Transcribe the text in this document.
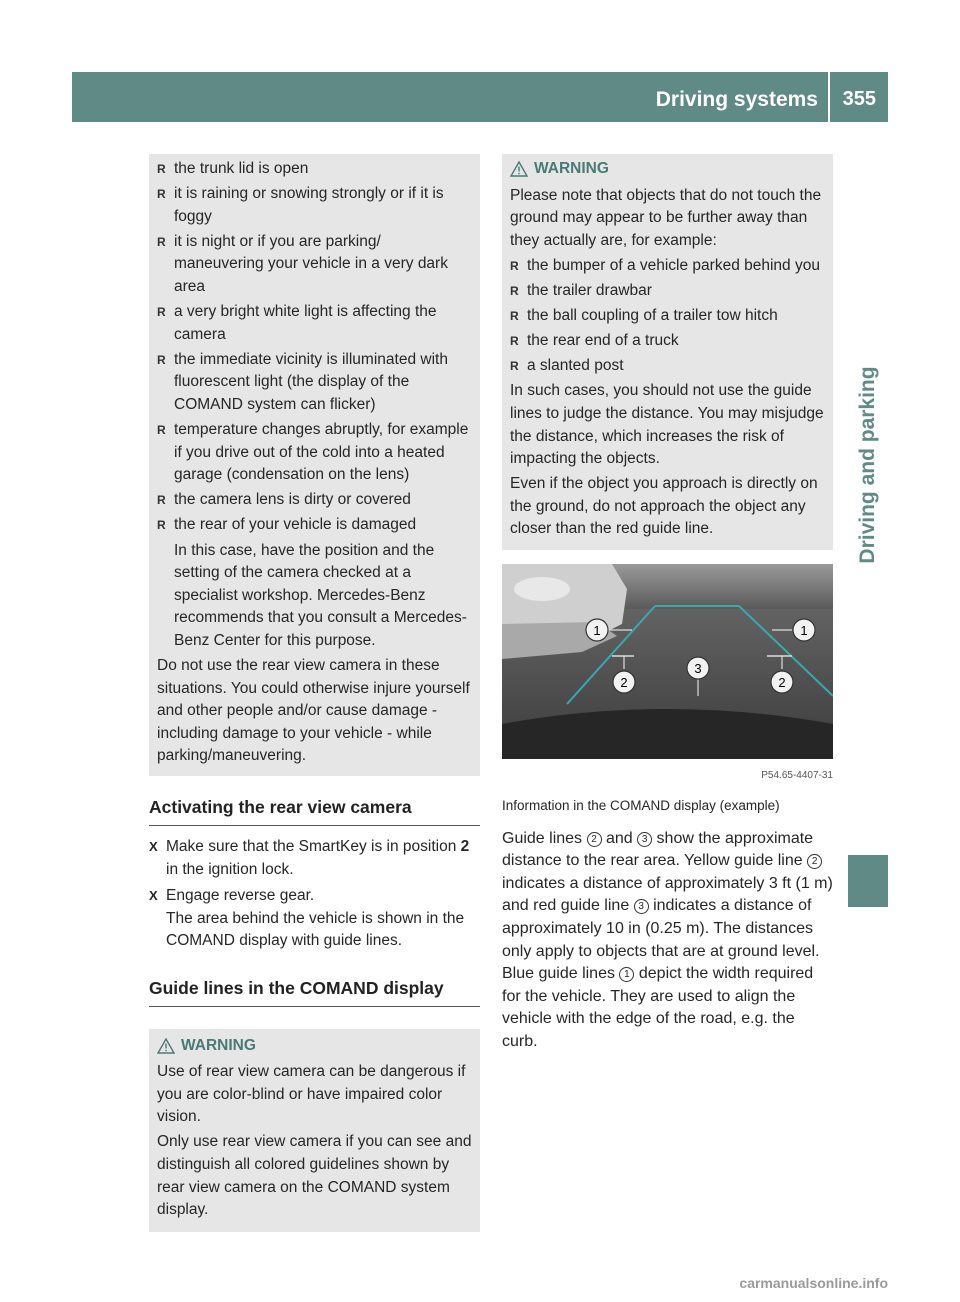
Driving systems 355
Driving and parking
R the trunk lid is open
R it is raining or snowing strongly or if it is foggy
R it is night or if you are parking/ maneuvering your vehicle in a very dark area
R a very bright white light is affecting the camera
R the immediate vicinity is illuminated with fluorescent light (the display of the COMAND system can flicker)
R temperature changes abruptly, for example if you drive out of the cold into a heated garage (condensation on the lens)
R the camera lens is dirty or covered
R the rear of your vehicle is damaged
In this case, have the position and the setting of the camera checked at a specialist workshop. Mercedes-Benz recommends that you consult a Mercedes-Benz Center for this purpose.
Do not use the rear view camera in these situations. You could otherwise injure yourself and other people and/or cause damage - including damage to your vehicle - while parking/maneuvering.
Activating the rear view camera
X Make sure that the SmartKey is in position 2 in the ignition lock.
X Engage reverse gear.
The area behind the vehicle is shown in the COMAND display with guide lines.
Guide lines in the COMAND display
WARNING
Use of rear view camera can be dangerous if you are color-blind or have impaired color vision.
Only use rear view camera if you can see and distinguish all colored guidelines shown by rear view camera on the COMAND system display.
WARNING
Please note that objects that do not touch the ground may appear to be further away than they actually are, for example:
R the bumper of a vehicle parked behind you
R the trailer drawbar
R the ball coupling of a trailer tow hitch
R the rear end of a truck
R a slanted post
In such cases, you should not use the guide lines to judge the distance. You may misjudge the distance, which increases the risk of impacting the objects.
Even if the object you approach is directly on the ground, do not approach the object any closer than the red guide line.
1	1
2	2
3
P54.65-4407-31
Information in the COMAND display (example)
Guide lines 2 and 3 show the approximate distance to the rear area. Yellow guide line 2 indicates a distance of approximately 3 ft (1 m) and red guide line 3 indicates a distance of approximately 10 in (0.25 m). The distances only apply to objects that are at ground level. Blue guide lines 1 depict the width required for the vehicle. They are used to align the vehicle with the edge of the road, e.g. the curb.
carmanualsonline.info
